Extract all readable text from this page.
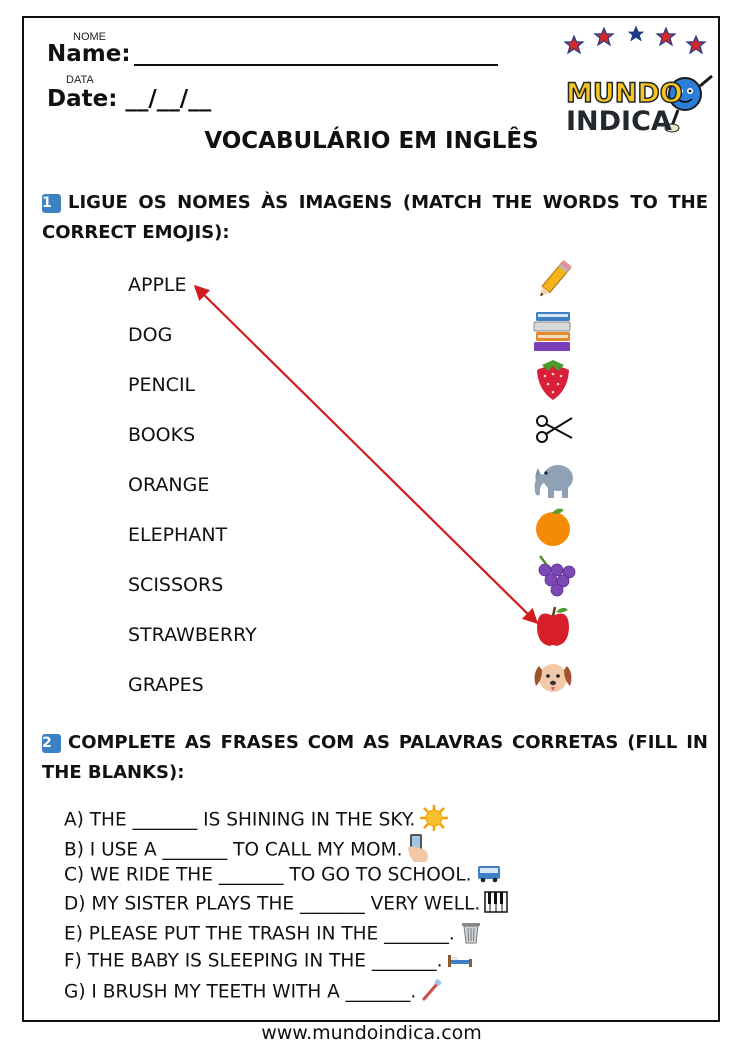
NOME
Name:
DATA
Date: __/__/__	MUNDO
INDICA
VOCABULÁRIO EM INGLÊS
1 LIGUE OS NOMES ÀS IMAGENS (MATCH THE WORDS TO THE CORRECT EMOJIS):
APPLE
DOG
PENCIL
BOOKS
ORANGE
ELEPHANT
SCISSORS
STRAWBERRY
GRAPES
2 COMPLETE AS FRASES COM AS PALAVRAS CORRETAS (FILL IN THE BLANKS):
A) THE _______ IS SHINING IN THE SKY.
B) I USE A _______ TO CALL MY MOM.
C) WE RIDE THE _______ TO GO TO SCHOOL.
D) MY SISTER PLAYS THE _______ VERY WELL.
E) PLEASE PUT THE TRASH IN THE _______.
F) THE BABY IS SLEEPING IN THE _______.
G) I BRUSH MY TEETH WITH A _______.
www.mundoindica.com
